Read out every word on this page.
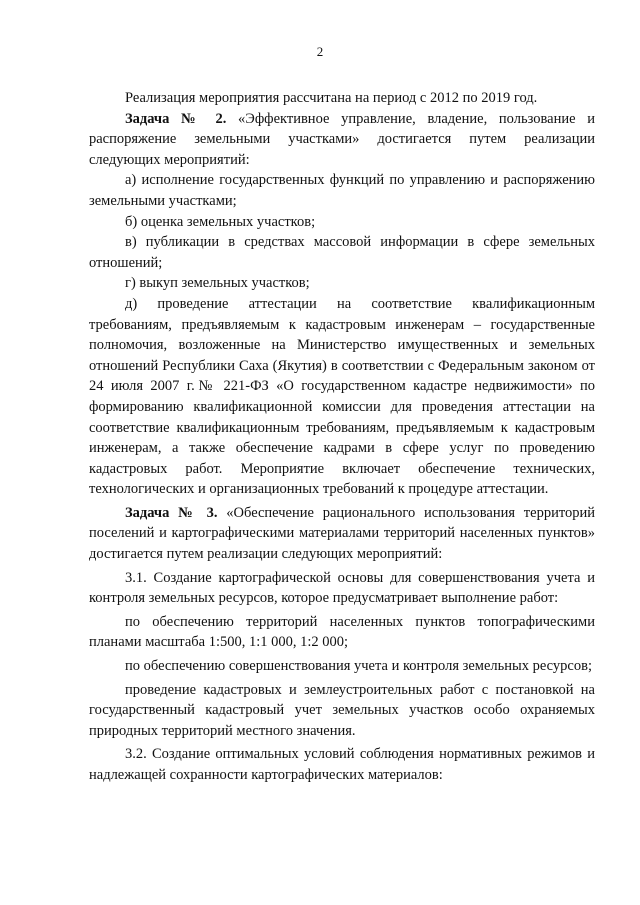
2

Реализация мероприятия рассчитана на период с 2012 по 2019 год.

Задача № 2. «Эффективное управление, владение, пользование и распоряжение земельными участками» достигается путем реализации следующих мероприятий:

а) исполнение государственных функций по управлению и распоряжению земельными участками;

б) оценка земельных участков;

в) публикации в средствах массовой информации в сфере земельных отношений;

г) выкуп земельных участков;

д) проведение аттестации на соответствие квалификационным требованиям, предъявляемым к кадастровым инженерам – государственные полномочия, возложенные на Министерство имущественных и земельных отношений Республики Саха (Якутия) в соответствии с Федеральным законом от 24 июля 2007 г.№ 221-ФЗ «О государственном кадастре недвижимости» по формированию квалификационной комиссии для проведения аттестации на соответствие квалификационным требованиям, предъявляемым к кадастровым инженерам, а также обеспечение кадрами в сфере услуг по проведению кадастровых работ. Мероприятие включает обеспечение технических, технологических и организационных требований к процедуре аттестации.

Задача № 3. «Обеспечение рационального использования территорий поселений и картографическими материалами территорий населенных пунктов» достигается путем реализации следующих мероприятий:

3.1. Создание картографической основы для совершенствования учета и контроля земельных ресурсов, которое предусматривает выполнение работ:

по обеспечению территорий населенных пунктов топографическими планами масштаба 1:500, 1:1 000, 1:2 000;

по обеспечению совершенствования учета и контроля земельных ресурсов;

проведение кадастровых и землеустроительных работ с постановкой на государственный кадастровый учет земельных участков особо охраняемых природных территорий местного значения.

3.2. Создание оптимальных условий соблюдения нормативных режимов и надлежащей сохранности картографических материалов:
